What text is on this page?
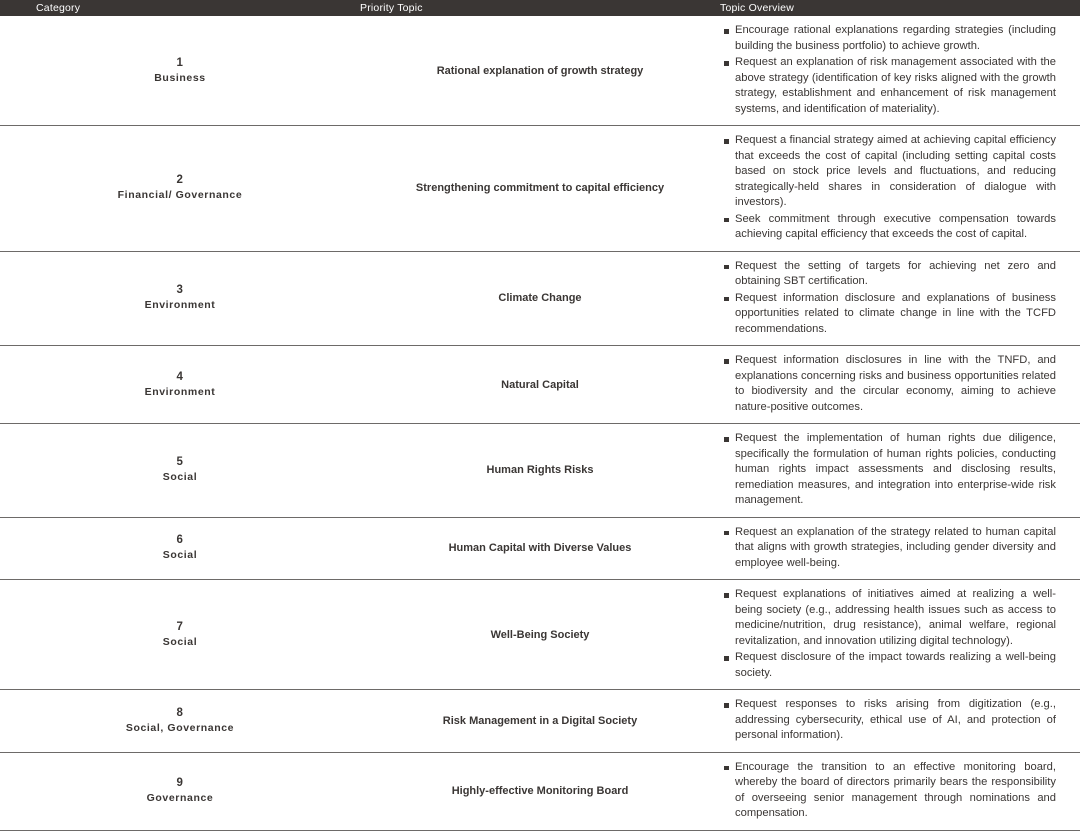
Category	Priority Topic	Topic Overview

1
Business

Rational explanation of growth strategy

Encourage rational explanations regarding strategies (including building the business portfolio) to achieve growth.
Request an explanation of risk management associated with the above strategy (identification of key risks aligned with the growth strategy, establishment and enhancement of risk management systems, and identification of materiality).

2
Financial/ Governance

Strengthening commitment to capital efficiency

Request a financial strategy aimed at achieving capital efficiency that exceeds the cost of capital (including setting capital costs based on stock price levels and fluctuations, and reducing strategically-held shares in consideration of dialogue with investors).
Seek commitment through executive compensation towards achieving capital efficiency that exceeds the cost of capital.

3
Environment

Climate Change

Request the setting of targets for achieving net zero and obtaining SBT certification.
Request information disclosure and explanations of business opportunities related to climate change in line with the TCFD recommendations.

4
Environment

Natural Capital

Request information disclosures in line with the TNFD, and explanations concerning risks and business opportunities related to biodiversity and the circular economy, aiming to achieve nature-positive outcomes.

5
Social

Human Rights Risks

Request the implementation of human rights due diligence, specifically the formulation of human rights policies, conducting human rights impact assessments and disclosing results, remediation measures, and integration into enterprise-wide risk management.

6
Social

Human Capital with Diverse Values

Request an explanation of the strategy related to human capital that aligns with growth strategies, including gender diversity and employee well-being.

7
Social

Well-Being Society

Request explanations of initiatives aimed at realizing a well-being society (e.g., addressing health issues such as access to medicine/nutrition, drug resistance), animal welfare, regional revitalization, and innovation utilizing digital technology).
Request disclosure of the impact towards realizing a well-being society.

8
Social, Governance

Risk Management in a Digital Society

Request responses to risks arising from digitization (e.g., addressing cybersecurity, ethical use of AI, and protection of personal information).

9
Governance

Highly-effective Monitoring Board

Encourage the transition to an effective monitoring board, whereby the board of directors primarily bears the responsibility of overseeing senior management through nominations and compensation.
